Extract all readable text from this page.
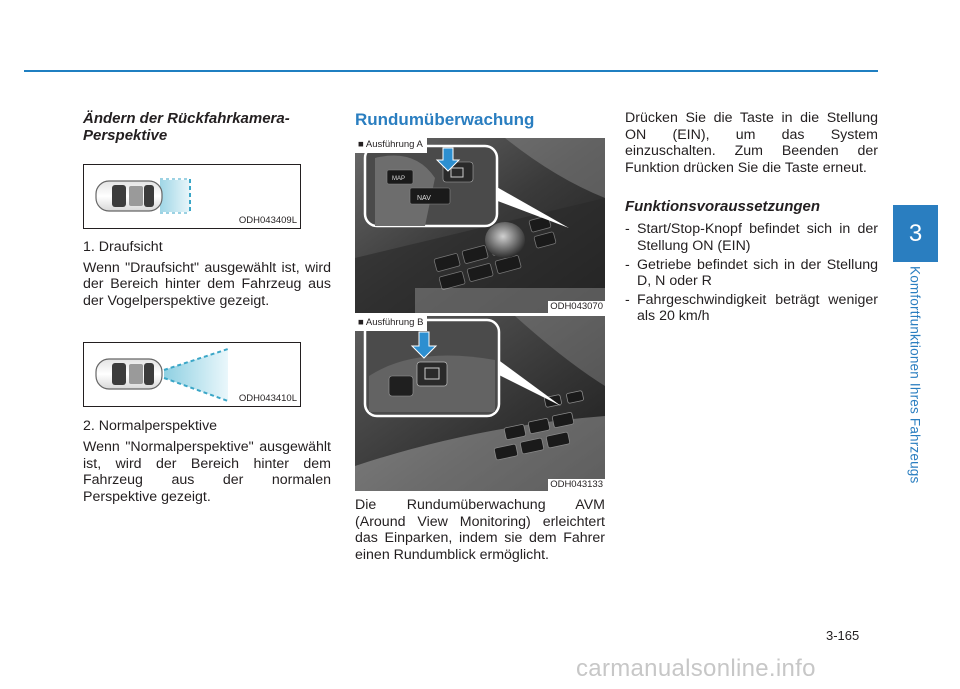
3
Komfortfunktionen Ihres Fahrzeugs
Ändern der Rückfahrkamera-Perspektive
ODH043409L
1. Draufsicht

Wenn "Draufsicht" ausgewählt ist, wird der Bereich hinter dem Fahrzeug aus der Vogelperspektive gezeigt.

ODH043410L
2. Normalperspektive

Wenn "Normalperspektive" ausgewählt ist, wird der Bereich hinter dem Fahrzeug aus der normalen Perspektive gezeigt.

Rundumüberwachung
NAV
MAP
■ Ausführung A
ODH043070
■ Ausführung B
ODH043133

Die Rundumüberwachung AVM (Around View Monitoring) erleichtert das Einparken, indem sie dem Fahrer einen Rundumblick ermöglicht.

Drücken Sie die Taste in die Stellung ON (EIN), um das System einzuschalten. Zum Beenden der Funktion drücken Sie die Taste erneut.

Funktionsvoraussetzungen
- Start/Stop-Knopf befindet sich in der Stellung ON (EIN)
- Getriebe befindet sich in der Stellung D, N oder R
- Fahrgeschwindigkeit beträgt weniger als 20 km/h
3-165
carmanualsonline.info
